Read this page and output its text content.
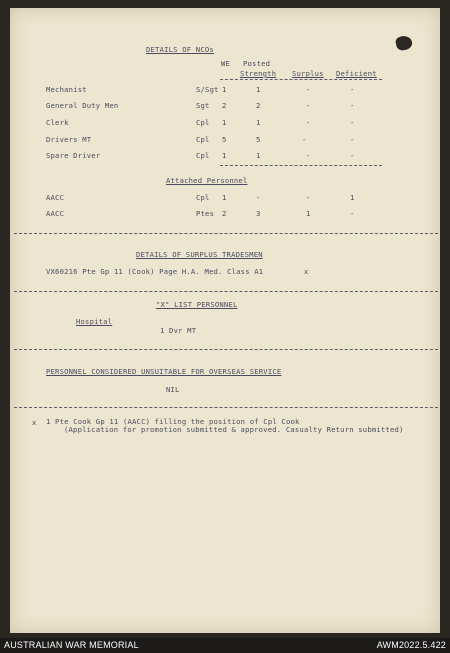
DETAILS OF NCOs
WE Posted
Strength Surplus Deficient
Mechanist	S/Sgt 1	1	-	-
General Duty Men	Sgt 2	2	-	-
Clerk	Cpl 1	1	-	-
Drivers MT	Cpl 5	5	-	-
Spare Driver	Cpl 1	1	-	-
Attached Personnel
AACC	Cpl 1	-	-	1
AACC	Ptes 2	3	1	-
DETAILS OF SURPLUS TRADESMEN
VX60216 Pte Gp 11 (Cook) Page H.A. Med. Class A1	x
"X" LIST PERSONNEL
Hospital
1 Dvr MT
PERSONNEL CONSIDERED UNSUITABLE FOR OVERSEAS SERVICE
NIL
x 1 Pte Cook Gp 11 (AACC) filling the position of Cpl Cook
(Application for promotion submitted & approved. Casualty Return submitted)
AUSTRALIAN WAR MEMORIAL	AWM2022.5.422
